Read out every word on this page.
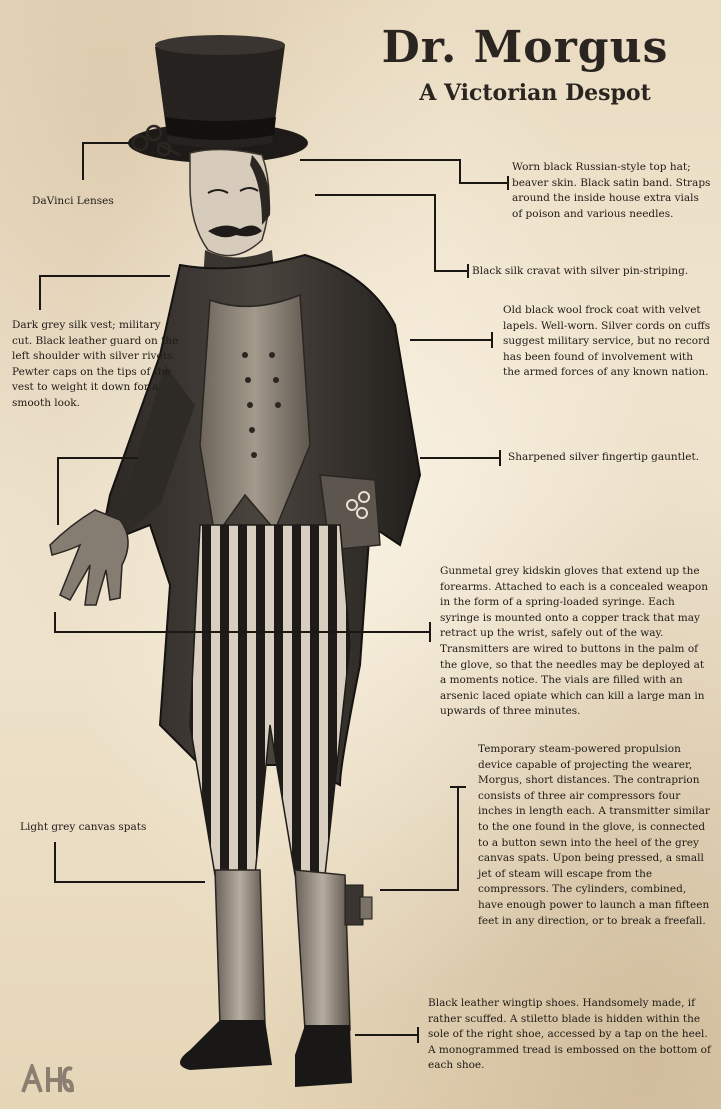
Dr. Morgus
A Victorian Despot

DaVinci Lenses

Worn black Russian-style top hat; beaver skin. Black satin band. Straps around the inside house extra vials of poison and various needles.

Black silk cravat with silver pin-striping.

Dark grey silk vest; military cut. Black leather guard on the left shoulder with silver rivets. Pewter caps on the tips of the vest to weight it down for a smooth look.

Old black wool frock coat with velvet lapels. Well-worn. Silver cords on cuffs suggest military service, but no record has been found of involvement with the armed forces of any known nation.

Sharpened silver fingertip gauntlet.

Gunmetal grey kidskin gloves that extend up the forearms. Attached to each is a concealed weapon in the form of a spring-loaded syringe. Each syringe is mounted onto a copper track that may retract up the wrist, safely out of the way. Transmitters are wired to buttons in the palm of the glove, so that the needles may be deployed at a moments notice. The vials are filled with an arsenic laced opiate which can kill a large man in upwards of three minutes.

Light grey canvas spats

Temporary steam-powered propulsion device capable of projecting the wearer, Morgus, short distances. The contraprion consists of three air compressors four inches in length each. A transmitter similar to the one found in the glove, is connected to a button sewn into the heel of the grey canvas spats. Upon being pressed, a small jet of steam will escape from the compressors. The cylinders, combined, have enough power to launch a man fifteen feet in any direction, or to break a freefall.

Black leather wingtip shoes. Handsomely made, if rather scuffed. A stiletto blade is hidden within the sole of the right shoe, accessed by a tap on the heel. A monogrammed tread is embossed on the bottom of each shoe.
